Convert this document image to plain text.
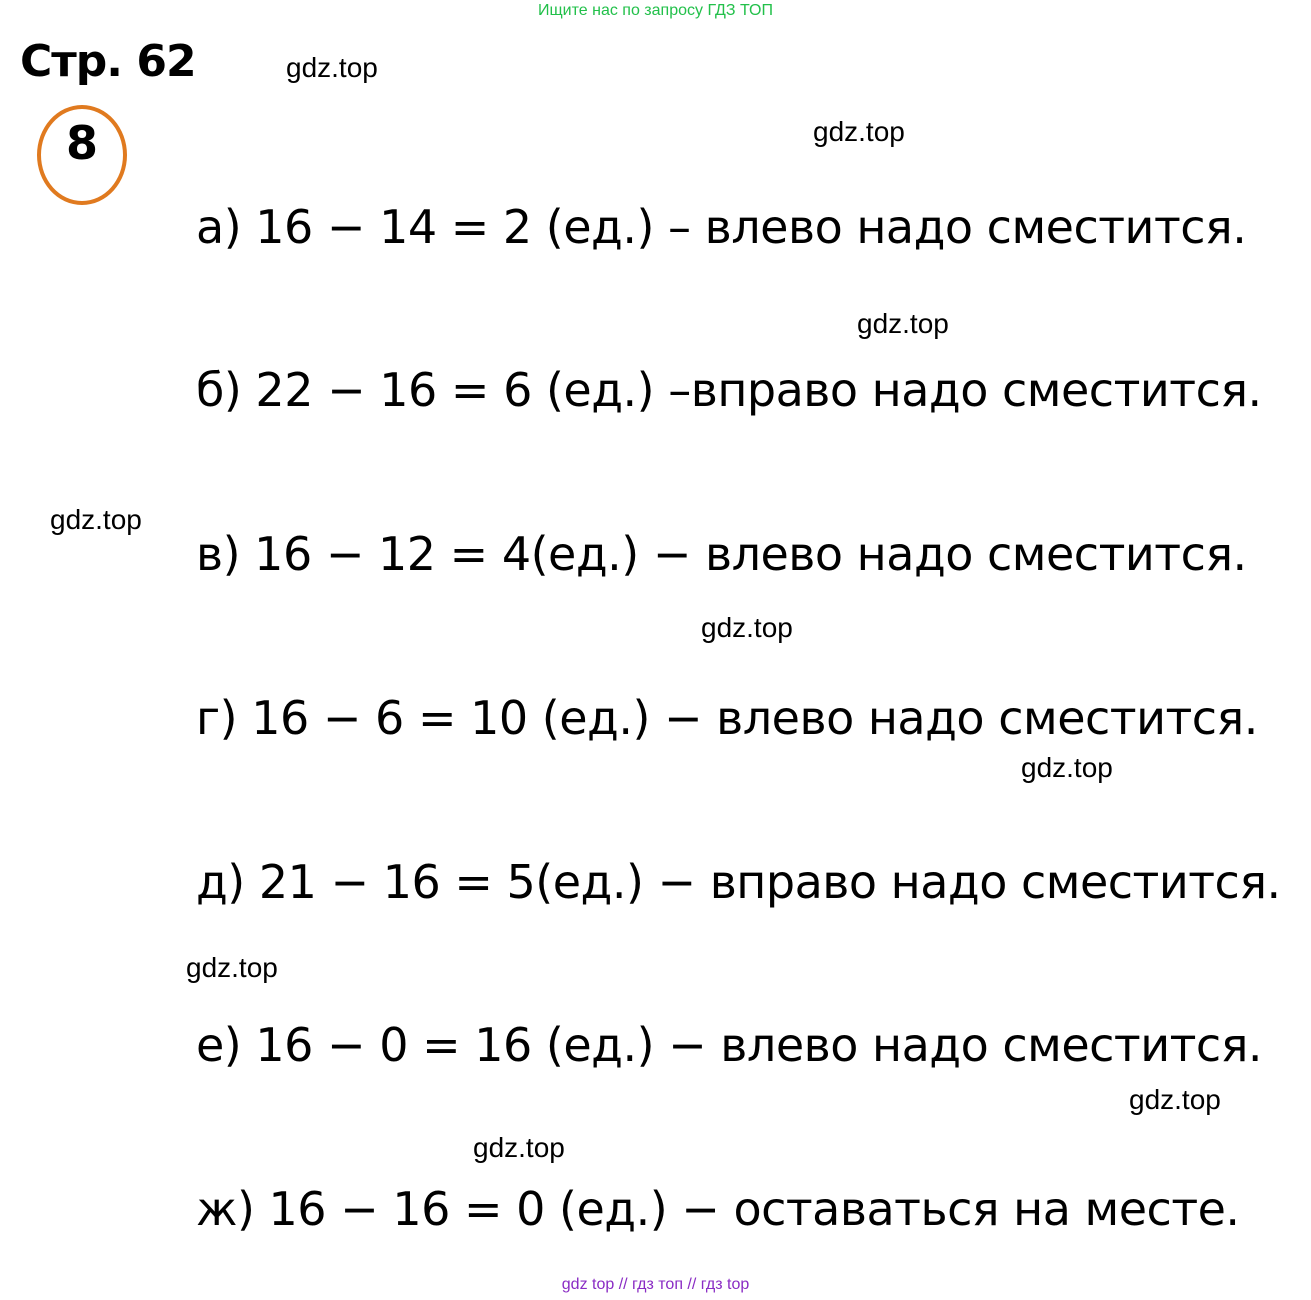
Ищите нас по запросу ГДЗ ТОП
Стр. 62
8
gdz.top
gdz.top
gdz.top
gdz.top
gdz.top
gdz.top
gdz.top
gdz.top
gdz.top
а) 16 − 14 = 2 (ед.) – влево надо сместится.
б) 22 − 16 = 6 (ед.) –вправо надо сместится.
в) 16 − 12 = 4(ед.) − влево надо сместится.
г) 16 − 6 = 10 (ед.) − влево надо сместится.
д) 21 − 16 = 5(ед.) − вправо надо сместится.
е) 16 − 0 = 16 (ед.) − влево надо сместится.
ж) 16 − 16 = 0 (ед.) − оставаться на месте.
gdz top // гдз топ // гдз top
